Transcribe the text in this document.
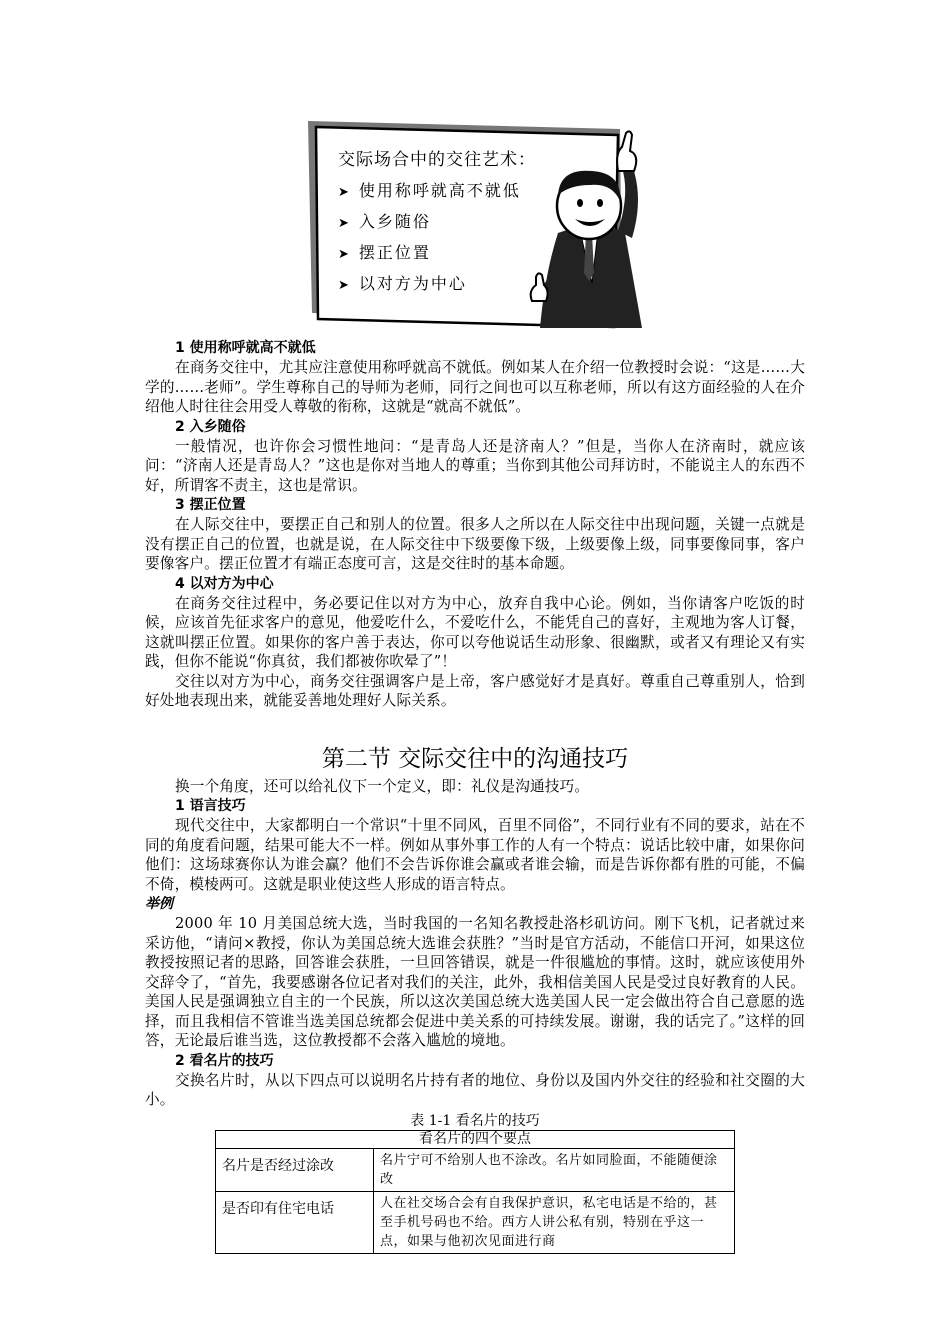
交际场合中的交往艺术：
➤ 使用称呼就高不就低
➤ 入乡随俗
➤ 摆正位置
➤ 以对方为中心
1 使用称呼就高不就低
在商务交往中，尤其应注意使用称呼就高不就低。例如某人在介绍一位教授时会说：“这是……大学的……老师”。学生尊称自己的导师为老师，同行之间也可以互称老师，所以有这方面经验的人在介绍他人时往往会用受人尊敬的衔称，这就是“就高不就低”。
2 入乡随俗
一般情况，也许你会习惯性地问：“是青岛人还是济南人？”但是，当你人在济南时，就应该问：“济南人还是青岛人？”这也是你对当地人的尊重；当你到其他公司拜访时，不能说主人的东西不好，所谓客不责主，这也是常识。
3 摆正位置
在人际交往中，要摆正自己和别人的位置。很多人之所以在人际交往中出现问题，关键一点就是没有摆正自己的位置，也就是说，在人际交往中下级要像下级，上级要像上级，同事要像同事，客户要像客户。摆正位置才有端正态度可言，这是交往时的基本命题。
4 以对方为中心
在商务交往过程中，务必要记住以对方为中心，放弃自我中心论。例如，当你请客户吃饭的时候，应该首先征求客户的意见，他爱吃什么，不爱吃什么，不能凭自己的喜好，主观地为客人订餐，这就叫摆正位置。如果你的客户善于表达，你可以夸他说话生动形象、很幽默，或者又有理论又有实践，但你不能说“你真贫，我们都被你吹晕了”！
交往以对方为中心，商务交往强调客户是上帝，客户感觉好才是真好。尊重自己尊重别人，恰到好处地表现出来，就能妥善地处理好人际关系。
第二节 交际交往中的沟通技巧
换一个角度，还可以给礼仪下一个定义，即：礼仪是沟通技巧。
1 语言技巧
现代交往中，大家都明白一个常识“十里不同风，百里不同俗”，不同行业有不同的要求，站在不同的角度看问题，结果可能大不一样。例如从事外事工作的人有一个特点：说话比较中庸，如果你问他们：这场球赛你认为谁会赢？他们不会告诉你谁会赢或者谁会输，而是告诉你都有胜的可能，不偏不倚，模棱两可。这就是职业使这些人形成的语言特点。
举例
2000 年 10 月美国总统大选，当时我国的一名知名教授赴洛杉矶访问。刚下飞机，记者就过来采访他，“请问×教授，你认为美国总统大选谁会获胜？”当时是官方活动，不能信口开河，如果这位教授按照记者的思路，回答谁会获胜，一旦回答错误，就是一件很尴尬的事情。这时，就应该使用外交辞令了，“首先，我要感谢各位记者对我们的关注，此外，我相信美国人民是受过良好教育的人民。美国人民是强调独立自主的一个民族，所以这次美国总统大选美国人民一定会做出符合自己意愿的选择，而且我相信不管谁当选美国总统都会促进中美关系的可持续发展。谢谢，我的话完了。”这样的回答，无论最后谁当选，这位教授都不会落入尴尬的境地。
2 看名片的技巧
交换名片时，从以下四点可以说明名片持有者的地位、身份以及国内外交往的经验和社交圈的大小。
表 1-1 看名片的技巧
看名片的四个要点	
名片是否经过涂改	名片宁可不给别人也不涂改。名片如同脸面，不能随便涂改
是否印有住宅电话	人在社交场合会有自我保护意识，私宅电话是不给的，甚至手机号码也不给。西方人讲公私有别，特别在乎这一点，如果与他初次见面进行商
